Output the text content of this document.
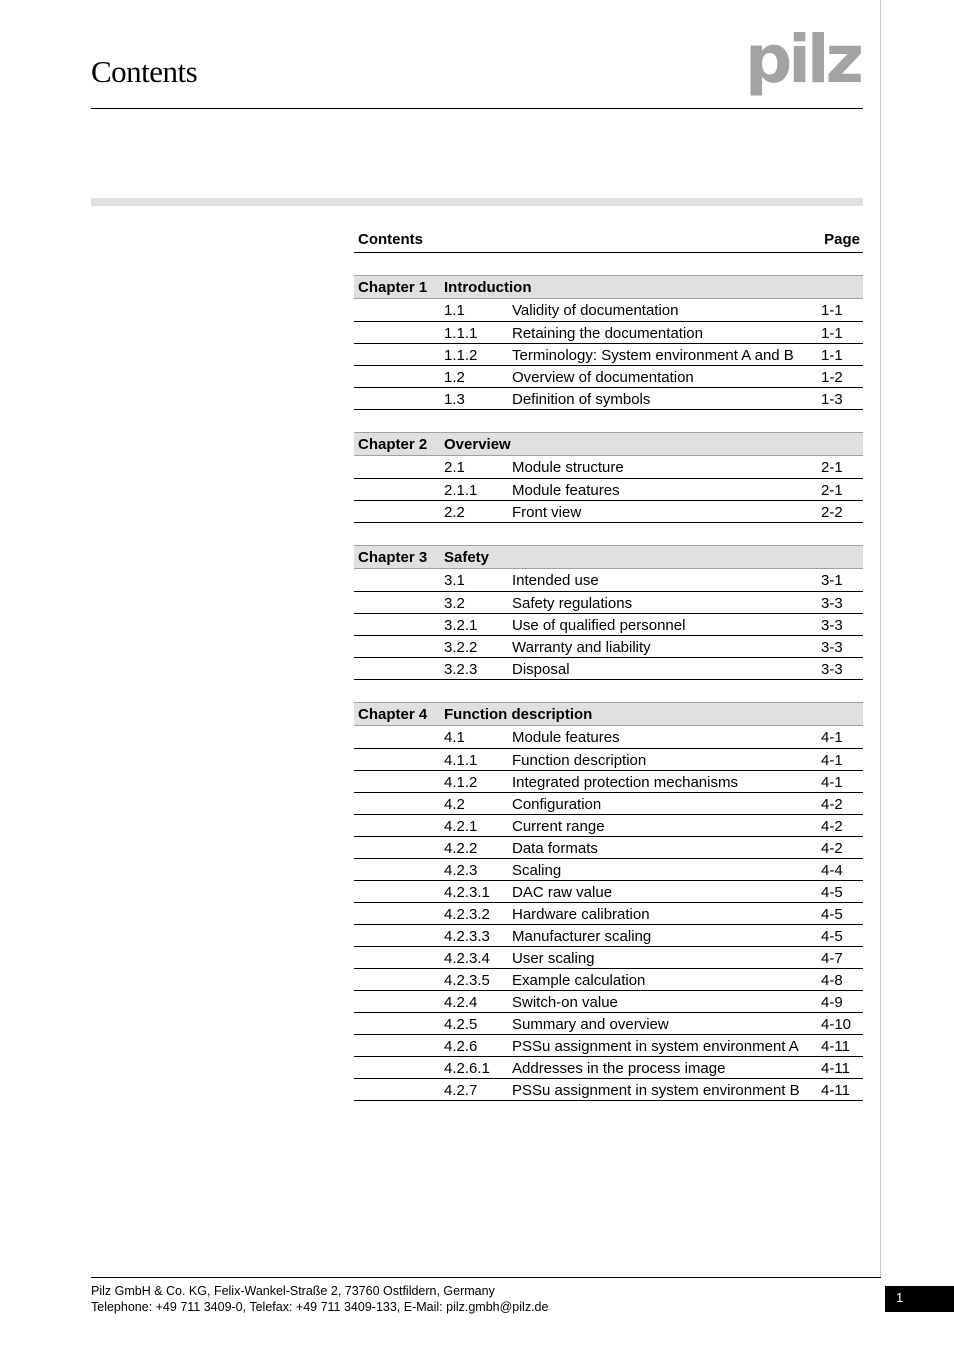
Contents	pilz
Contents	Page
Chapter 1	Introduction
1.1	Validity of documentation	1-1
1.1.1	Retaining the documentation	1-1
1.1.2	Terminology: System environment A and B	1-1
1.2	Overview of documentation	1-2
1.3	Definition of symbols	1-3
Chapter 2	Overview
2.1	Module structure	2-1
2.1.1	Module features	2-1
2.2	Front view	2-2
Chapter 3	Safety
3.1	Intended use	3-1
3.2	Safety regulations	3-3
3.2.1	Use of qualified personnel	3-3
3.2.2	Warranty and liability	3-3
3.2.3	Disposal	3-3
Chapter 4	Function description
4.1	Module features	4-1
4.1.1	Function description	4-1
4.1.2	Integrated protection mechanisms	4-1
4.2	Configuration	4-2
4.2.1	Current range	4-2
4.2.2	Data formats	4-2
4.2.3	Scaling	4-4
4.2.3.1	DAC raw value	4-5
4.2.3.2	Hardware calibration	4-5
4.2.3.3	Manufacturer scaling	4-5
4.2.3.4	User scaling	4-7
4.2.3.5	Example calculation	4-8
4.2.4	Switch-on value	4-9
4.2.5	Summary and overview	4-10
4.2.6	PSSu assignment in system environment A	4-11
4.2.6.1	Addresses in the process image	4-11
4.2.7	PSSu assignment in system environment B	4-11
Pilz GmbH & Co. KG, Felix-Wankel-Straße 2, 73760 Ostfildern, Germany
Telephone: +49 711 3409-0, Telefax: +49 711 3409-133, E-Mail: pilz.gmbh@pilz.de
1
